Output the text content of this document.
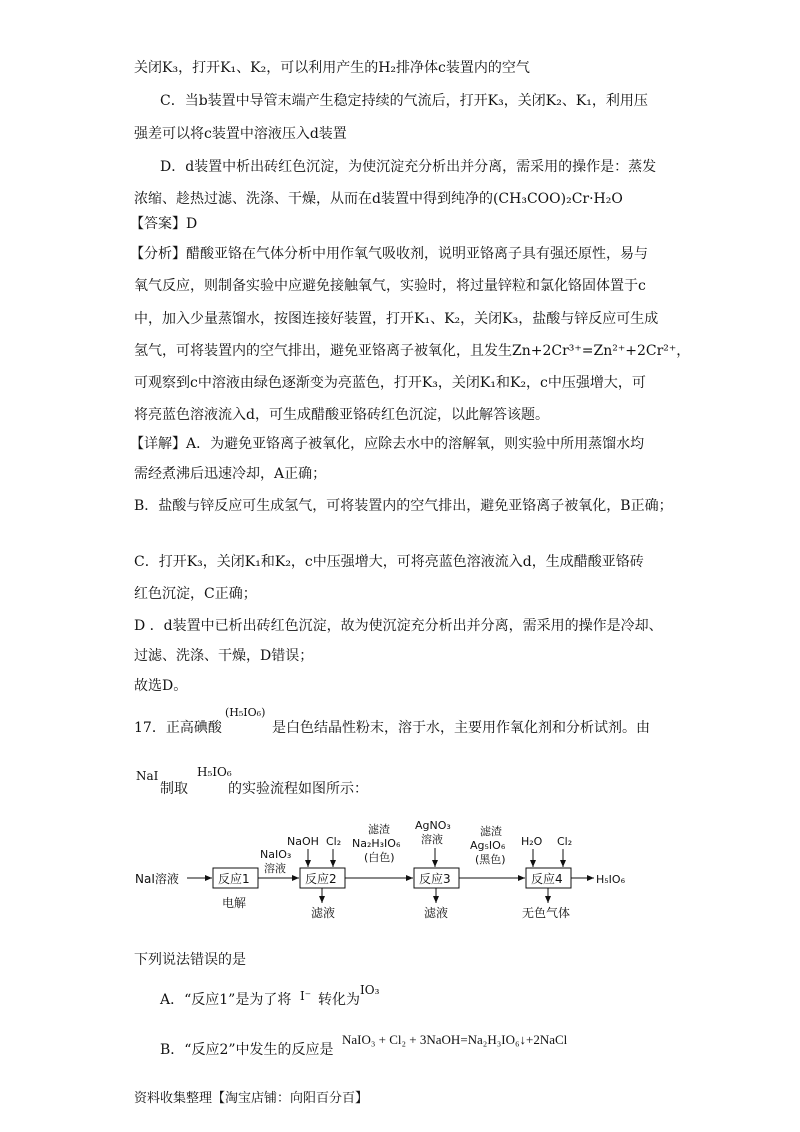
关闭K₃，打开K₁、K₂，可以利用产生的H₂排净体c装置内的空气
C．当b装置中导管末端产生稳定持续的气流后，打开K₃，关闭K₂、K₁，利用压
强差可以将c装置中溶液压入d装置
D．d装置中析出砖红色沉淀，为使沉淀充分析出并分离，需采用的操作是：蒸发
浓缩、趁热过滤、洗涤、干燥，从而在d装置中得到纯净的(CH₃COO)₂Cr·H₂O
【答案】D
【分析】醋酸亚铬在气体分析中用作氧气吸收剂，说明亚铬离子具有强还原性，易与
氧气反应，则制备实验中应避免接触氧气，实验时，将过量锌粒和氯化铬固体置于c
中，加入少量蒸馏水，按图连接好装置，打开K₁、K₂，关闭K₃，盐酸与锌反应可生成
氢气，可将装置内的空气排出，避免亚铬离子被氧化，且发生Zn+2Cr³⁺=Zn²⁺+2Cr²⁺，
可观察到c中溶液由绿色逐渐变为亮蓝色，打开K₃，关闭K₁和K₂，c中压强增大，可
将亮蓝色溶液流入d，可生成醋酸亚铬砖红色沉淀，以此解答该题。
【详解】A．为避免亚铬离子被氧化，应除去水中的溶解氧，则实验中所用蒸馏水均
需经煮沸后迅速冷却，A正确；
B．盐酸与锌反应可生成氢气，可将装置内的空气排出，避免亚铬离子被氧化，B正确；
C．打开K₃，关闭K₁和K₂，c中压强增大，可将亮蓝色溶液流入d，生成醋酸亚铬砖
红色沉淀，C正确；
D ．d装置中已析出砖红色沉淀，故为使沉淀充分析出并分离，需采用的操作是冷却、
过滤、洗涤、干燥，D错误；
故选D。
17．正高碘酸
(H₅IO₆)
是白色结晶性粉末，溶于水，主要用作氧化剂和分析试剂。由
NaI
制取
H₅IO₆
的实验流程如图所示：
NaI溶液	反应1
电解
NaIO₃
溶液
NaOH Cl₂
反应2
滤液
滤渣
Na₂H₃IO₆
(白色)
AgNO₃
溶液
反应3
滤液
滤渣
Ag₅IO₆
(黑色)
H₂O Cl₂
反应4
无色气体
H₅IO₆
下列说法错误的是
A．“反应1”是为了将 I⁻ 转化为
IO₃
B．“反应2”中发生的反应是
NaIO₃ + Cl₂ + 3NaOH=Na₂H₃IO₆↓+2NaCl
资料收集整理【淘宝店铺：向阳百分百】
